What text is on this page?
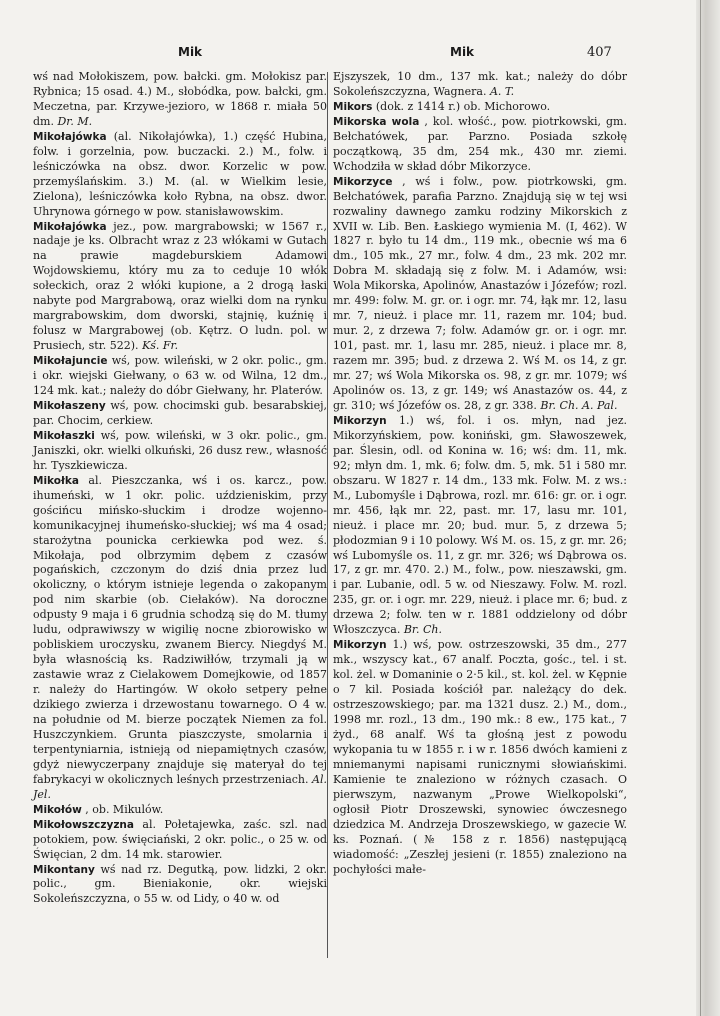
Mik	Mik	407

wś nad Mołokiszem, pow. bałcki. gm. Mołokisz par. Rybnica; 15 osad. 4.) M., słobódka, pow. bałcki, gm. Meczetna, par. Krzywe-jezioro, w 1868 r. miała 50 dm. Dr. M.

Mikołajówka (al. Nikołajówka), 1.) część Hubina, folw. i gorzelnia, pow. buczacki. 2.) M., folw. i leśniczówka na obsz. dwor. Korzelic w pow. przemyślańskim. 3.) M. (al. w Wielkim lesie, Zielona), leśniczówka koło Rybna, na obsz. dwor. Uhrynowa górnego w pow. stanisławowskim.

Mikołajówka jez., pow. margrabowski; w 1567 r., nadaje je ks. Olbracht wraz z 23 włókami w Gutach na prawie magdeburskiem Adamowi Wojdowskiemu, który mu za to ceduje 10 włók sołeckich, oraz 2 włóki kupione, a 2 drogą łaski nabyte pod Margrabową, oraz wielki dom na rynku margrabowskim, dom dworski, stajnię, kuźnię i folusz w Margrabowej (ob. Kętrz. O ludn. pol. w Prusiech, str. 522). Kś. Fr.

Mikołajuncie wś, pow. wileński, w 2 okr. polic., gm. i okr. wiejski Giełwany, o 63 w. od Wilna, 12 dm., 124 mk. kat.; należy do dóbr Giełwany, hr. Platerów.

Mikołaszeny wś, pow. chocimski gub. besarabskiej, par. Chocim, cerkiew.

Mikołaszki wś, pow. wileński, w 3 okr. polic., gm. Janiszki, okr. wielki olkuński, 26 dusz rew., własność hr. Tyszkiewicza.

Mikołka al. Pieszczanka, wś i os. karcz., pow. ihumeński, w 1 okr. polic. uździeniskim, przy gościńcu mińsko-słuckim i drodze wojenno-komunikacyjnej ihumeńsko-słuckiej; wś ma 4 osad; starożytna pounicka cerkiewka pod wez. ś. Mikołaja, pod olbrzymim dębem z czasów pogańskich, czczonym do dziś dnia przez lud okoliczny, o którym istnieje legenda o zakopanym pod nim skarbie (ob. Ciełaków). Na doroczne odpusty 9 maja i 6 grudnia schodzą się do M. tłumy ludu, odprawiwszy w wigilię nocne zbiorowisko w pobliskiem uroczysku, zwanem Biercy. Niegdyś M. była własnością ks. Radziwiłłów, trzymali ją w zastawie wraz z Cielakowem Domejkowie, od 1857 r. należy do Hartingów. W około setpery pełne dzikiego zwierza i drzewostanu towarnego. O 4 w. na południe od M. bierze początek Niemen za fol. Huszczynkiem. Grunta piaszczyste, smolarnia i terpentyniarnia, istnieją od niepamiętnych czasów, gdyż niewyczerpany znajduje się materyał do tej fabrykacyi w okolicznych leśnych przestrzeniach. Al. Jel.

Mikołów , ob. Mikulów.

Mikołowszczyzna al. Połetajewka, zaśc. szl. nad potokiem, pow. święciański, 2 okr. polic., o 25 w. od Święcian, 2 dm. 14 mk. starowier.

Mikontany wś nad rz. Degutką, pow. lidzki, 2 okr. polic., gm. Bieniakonie, okr. wiejski Sokoleńszczyzna, o 55 w. od Lidy, o 40 w. od

Ejszyszek, 10 dm., 137 mk. kat.; należy do dóbr Sokoleńszczyzna, Wagnera. A. T.

Mikors (dok. z 1414 r.) ob. Michorowo.

Mikorska wola , kol. włość., pow. piotrkowski, gm. Bełchatówek, par. Parzno. Posiada szkołę początkową, 35 dm, 254 mk., 430 mr. ziemi. Wchodziła w skład dóbr Mikorzyce.

Mikorzyce , wś i folw., pow. piotrkowski, gm. Bełchatówek, parafia Parzno. Znajdują się w tej wsi rozwaliny dawnego zamku rodziny Mikorskich z XVII w. Lib. Ben. Łaskiego wymienia M. (I, 462). W 1827 r. było tu 14 dm., 119 mk., obecnie wś ma 6 dm., 105 mk., 27 mr., folw. 4 dm., 23 mk. 202 mr. Dobra M. składają się z folw. M. i Adamów, wsi: Wola Mikorska, Apolinów, Anastazów i Józefów; rozl. mr. 499: folw. M. gr. or. i ogr. mr. 74, łąk mr. 12, lasu mr. 7, nieuż. i place mr. 11, razem mr. 104; bud. mur. 2, z drzewa 7; folw. Adamów gr. or. i ogr. mr. 101, past. mr. 1, lasu mr. 285, nieuż. i place mr. 8, razem mr. 395; bud. z drzewa 2. Wś M. os 14, z gr. mr. 27; wś Wola Mikorska os. 98, z gr. mr. 1079; wś Apolinów os. 13, z gr. 149; wś Anastazów os. 44, z gr. 310; wś Józefów os. 28, z gr. 338. Br. Ch. A. Pal.

Mikorzyn 1.) wś, fol. i os. młyn, nad jez. Mikorzyńskiem, pow. koniński, gm. Sławoszewek, par. Ślesin, odl. od Konina w. 16; wś: dm. 11, mk. 92; młyn dm. 1, mk. 6; folw. dm. 5, mk. 51 i 580 mr. obszaru. W 1827 r. 14 dm., 133 mk. Folw. M. z ws.: M., Lubomyśle i Dąbrowa, rozl. mr. 616: gr. or. i ogr. mr. 456, łąk mr. 22, past. mr. 17, lasu mr. 101, nieuż. i place mr. 20; bud. mur. 5, z drzewa 5; płodozmian 9 i 10 polowy. Wś M. os. 15, z gr. mr. 26; wś Lubomyśle os. 11, z gr. mr. 326; wś Dąbrowa os. 17, z gr. mr. 470. 2.) M., folw., pow. nieszawski, gm. i par. Lubanie, odl. 5 w. od Nieszawy. Folw. M. rozl. 235, gr. or. i ogr. mr. 229, nieuż. i place mr. 6; bud. z drzewa 2; folw. ten w r. 1881 oddzielony od dóbr Włoszczyca. Br. Ch.

Mikorzyn 1.) wś, pow. ostrzeszowski, 35 dm., 277 mk., wszyscy kat., 67 analf. Poczta, gośc., tel. i st. kol. żel. w Domaninie o 2·5 kil., st. kol. żel. w Kępnie o 7 kil. Posiada kościół par. należący do dek. ostrzeszowskiego; par. ma 1321 dusz. 2.) M., dom., 1998 mr. rozl., 13 dm., 190 mk.: 8 ew., 175 kat., 7 żyd., 68 analf. Wś ta głośną jest z powodu wykopania tu w 1855 r. i w r. 1856 dwóch kamieni z mniemanymi napisami runicznymi słowiańskimi. Kamienie te znaleziono w różnych czasach. O pierwszym, nazwanym „Prowe Wielkopolski“, ogłosił Piotr Droszewski, synowiec ówczesnego dziedzica M. Andrzeja Droszewskiego, w gazecie W. ks. Poznań. (№ 158 z r. 1856) następującą wiadomość: „Zeszłej jesieni (r. 1855) znaleziono na pochyłości małe-
